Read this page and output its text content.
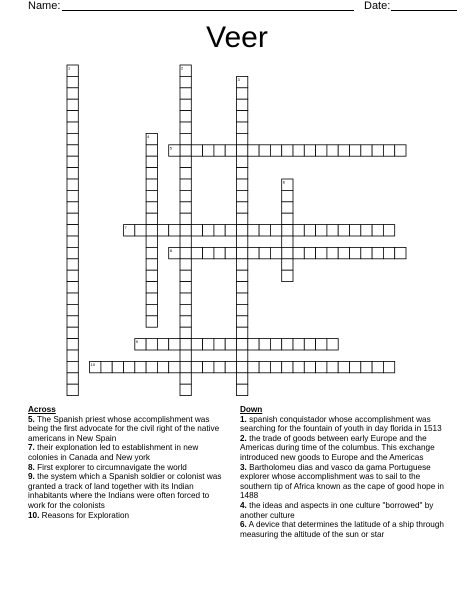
Name:	Date:
Veer
1	2
3
4
5
6
7
8
9
10
Across
5. The Spanish priest whose accomplishment was being the first advocate for the civil right of the native americans in New Spain
7. their explonation led to establishment in new colonies in Canada and New york
8. First explorer to circumnavigate the world
9. the system which a Spanish soldier or colonist was granted a track of land together with its Indian inhabitants where the Indians were often forced to work for the colonists
10. Reasons for Exploration
Down
1. spanish conquistador whose accomplishment was searching for the fountain of youth in day florida in 1513
2. the trade of goods between early Europe and the Americas during time of the columbus. This exchange introduced new goods to Europe and the Americas
3. Bartholomeu dias and vasco da gama Portuguese explorer whose accomplishment was to sail to the southern tip of Africa known as the cape of good hope in 1488
4. the ideas and aspects in one culture "borrowed" by another culture
6. A device that determines the latitude of a ship through measuring the altitude of the sun or star
